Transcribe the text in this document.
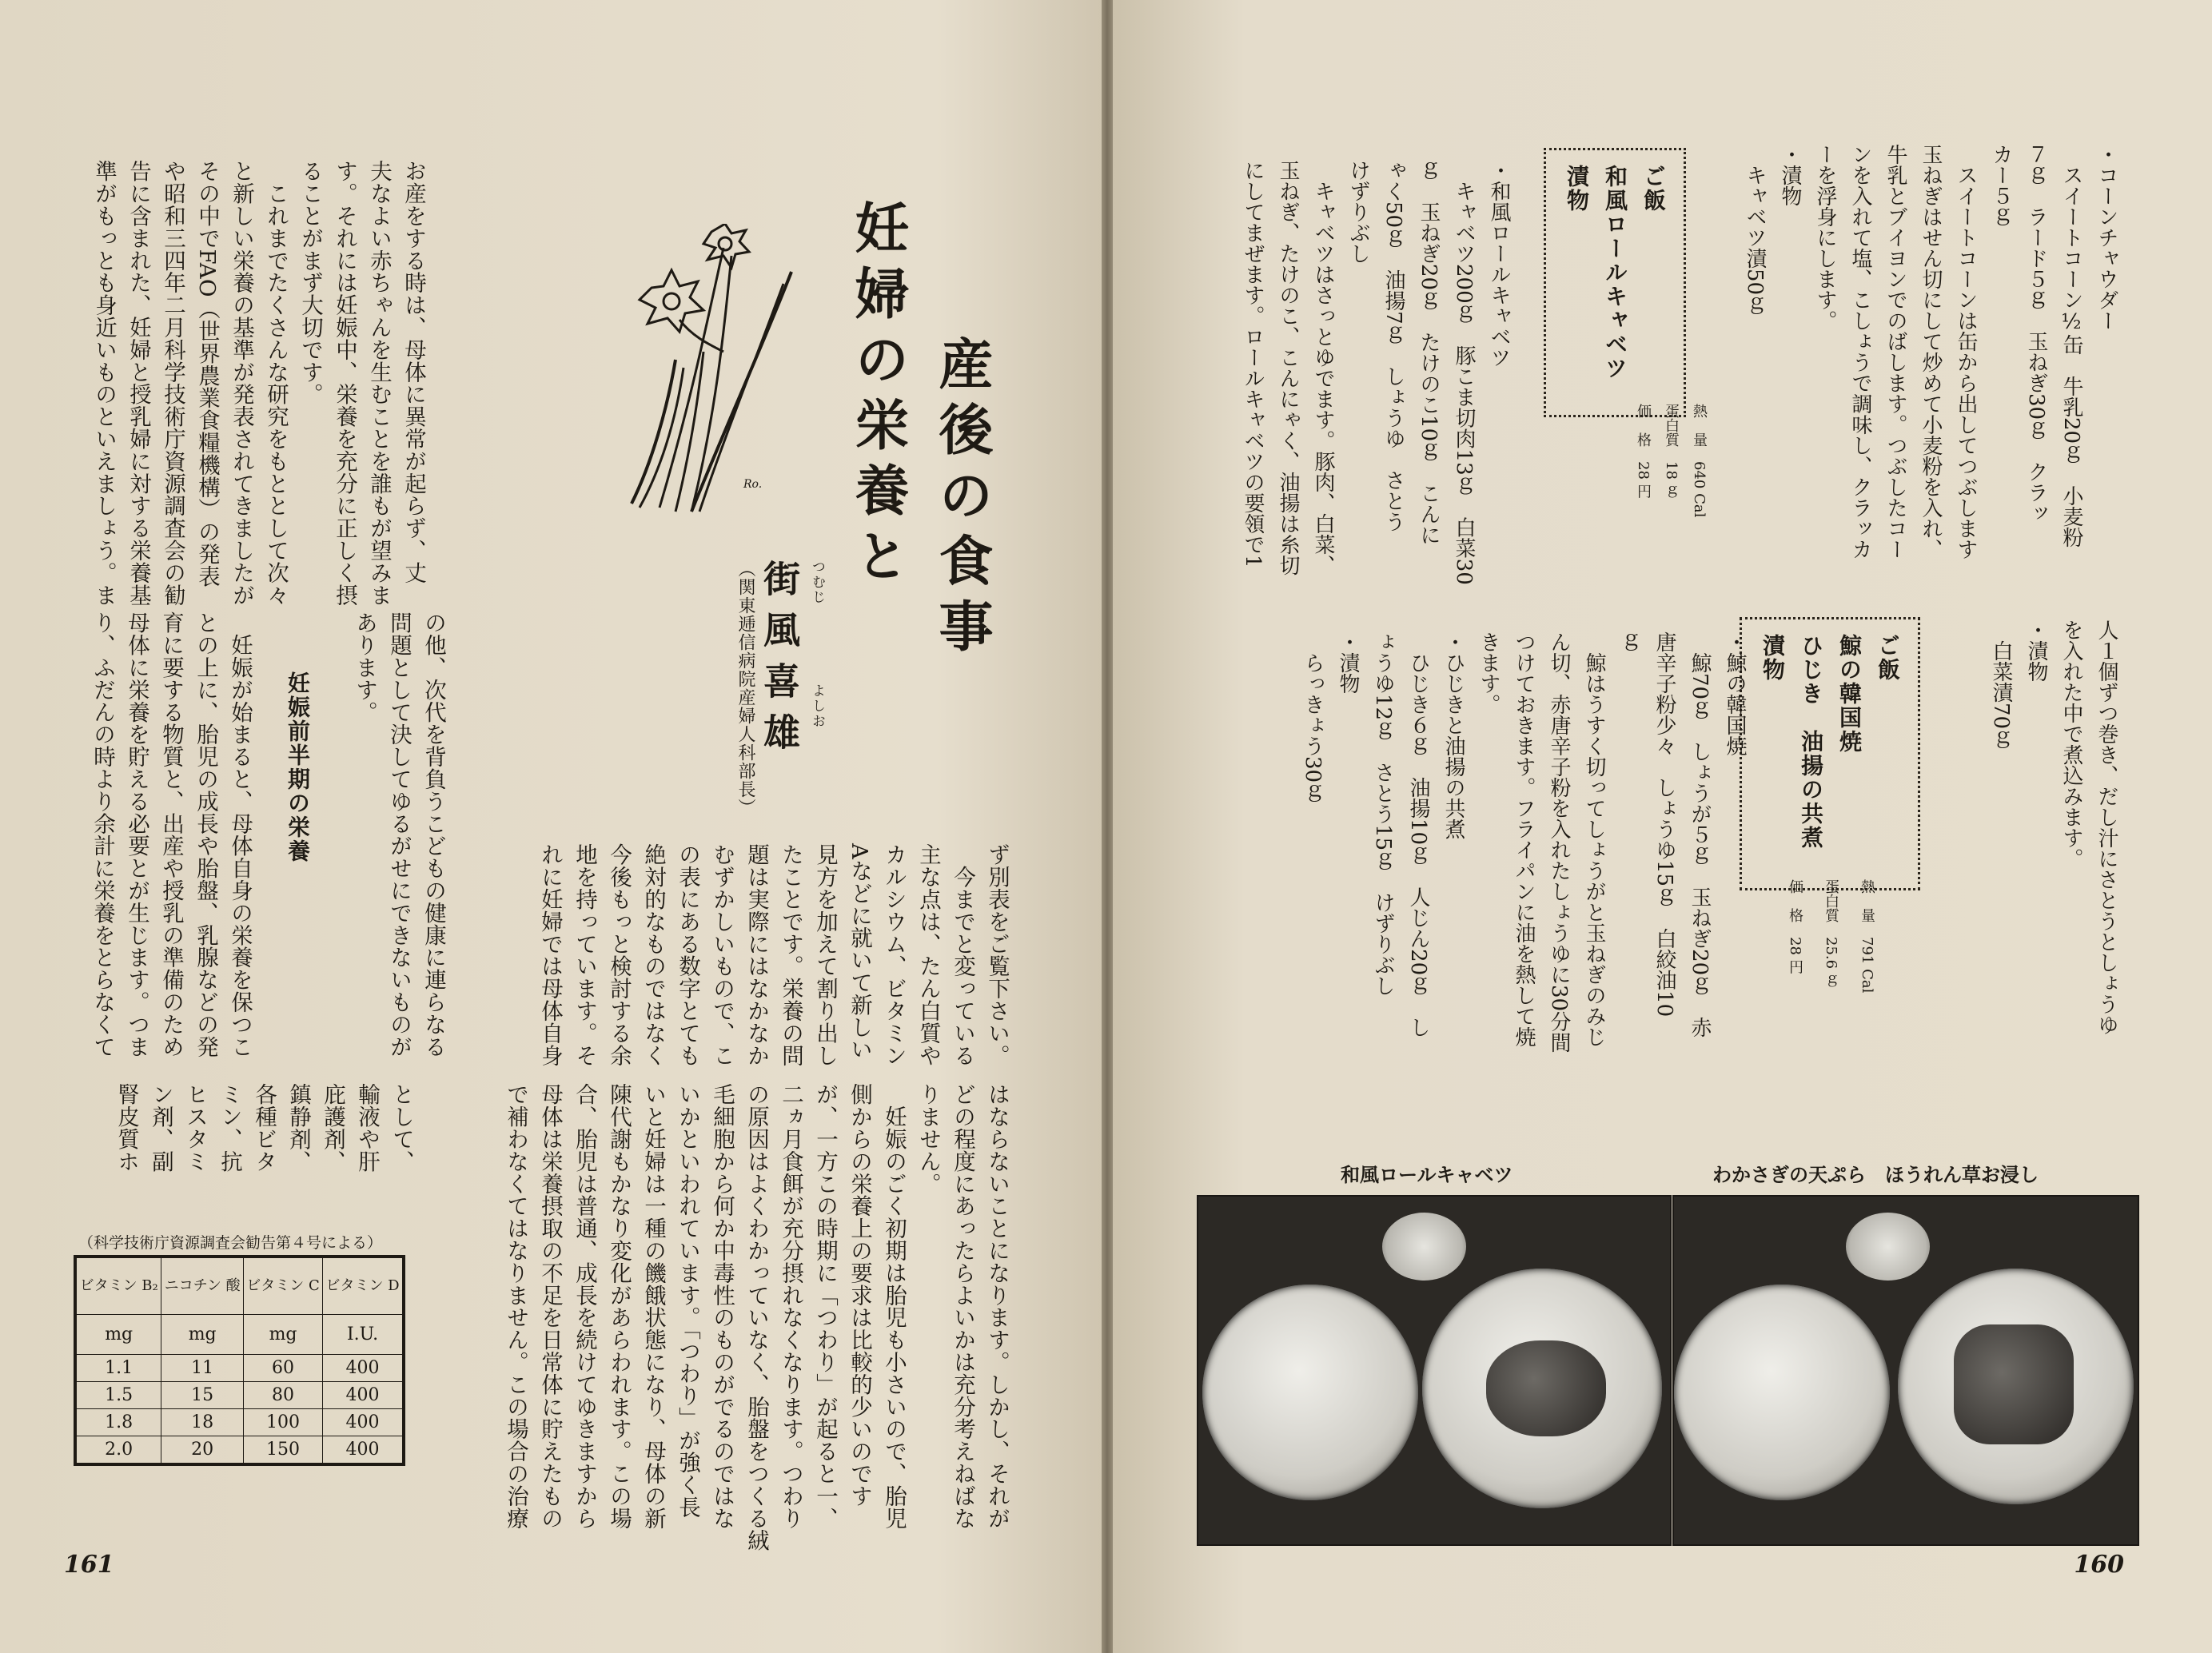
妊婦の栄養と 産後の食事
Ro.
街風喜雄 つむじ
よしお
（関東逓信病院産婦人科部長）
お産をする時は、母体に異常が起らず、丈
夫なよい赤ちゃんを生むことを誰もが望みま
す。それには妊娠中、栄養を充分に正しく摂
ることがまず大切です。
　これまでたくさんな研究をもととして次々
と新しい栄養の基準が発表されてきましたが
その中でFAO（世界農業食糧機構）の発表
や昭和三四年二月科学技術庁資源調査会の勧
告に含まれた、妊婦と授乳婦に対する栄養基
準がもっとも身近いものといえましょう。ま
の他、次代を背負うこどもの健康に連らなる
問題として決してゆるがせにできないものが
あります。
妊娠前半期の栄養
　妊娠が始まると、母体自身の栄養を保つこ
との上に、胎児の成長や胎盤、乳腺などの発
育に要する物質と、出産や授乳の準備のため
母体に栄養を貯える必要とが生じます。つま
り、ふだんの時より余計に栄養をとらなくて	ず別表をご覧下さい。
　今までと変っている
主な点は、たん白質や
カルシウム、ビタミン
Aなどに就いて新しい
見方を加えて割り出し
たことです。栄養の問
題は実際にはなかなか
むずかしいもので、こ
の表にある数字とても
絶対的なものではなく
今後もっと検討する余
地を持っています。そ
れに妊婦では母体自身
はならないことになります。しかし、それが
どの程度にあったらよいかは充分考えねばな
りません。
　妊娠のごく初期は胎児も小さいので、胎児
側からの栄養上の要求は比較的少いのです
が、一方この時期に「つわり」が起ると一、
二ヵ月食餌が充分摂れなくなります。つわり
の原因はよくわかっていなく、胎盤をつくる絨
毛細胞から何か中毒性のものがでるのではな
いかといわれています。「つわり」が強く長
いと妊婦は一種の饑餓状態になり、母体の新
陳代謝もかなり変化があらわれます。この場
合、胎児は普通、成長を続けてゆきますから
母体は栄養摂取の不足を日常体に貯えたもの
で補わなくてはなりません。この場合の治療
として、
輸液や肝
庇護剤、
鎮静剤、
各種ビタ
ミン、抗
ヒスタミ
ン剤、副
腎皮質ホ
（科学技術庁資源調査会勧告第４号による）
ビタミン B₂	ニコチン 酸	ビタミン C	ビタミン D
mg	mg	mg	I.U.
1.1	11	60	400
1.5	15	80	400
1.8	18	100	400
2.0	20	150	400
161
・コーンチャウダー
　スイートコーン½缶　牛乳20ｇ　小麦粉
７ｇ　ラード５ｇ　玉ねぎ30ｇ　クラッ
カー５ｇ
　スイートコーンは缶から出してつぶします
玉ねぎはせん切にして炒めて小麦粉を入れ、
牛乳とブイヨンでのばします。つぶしたコー
ンを入れて塩、こしょうで調味し、クラッカ
ーを浮身にします。
・漬物
　キャベツ漬50ｇ
ご飯
和風ロールキャベツ
漬物
熱　量　640 Cal
蛋白質　18 ｇ
価　格　28 円
・和風ロールキャベツ
　キャベツ200ｇ　豚こま切肉13ｇ　白菜30
ｇ　玉ねぎ20ｇ　たけのこ10ｇ　こんに
ゃく50ｇ　油揚7ｇ　しょうゆ　さとう
けずりぶし
　キャベツはさっとゆでます。豚肉、白菜、
玉ねぎ、たけのこ、こんにゃく、油揚は糸切
にしてまぜます。ロールキャベツの要領で1
人１個ずつ巻き、だし汁にさとうとしょうゆ
を入れた中で煮込みます。
・漬物
　白菜漬70ｇ
ご飯
鯨の韓国焼
ひじき　油揚の共煮
漬物
熱　量　791 Cal
蛋白質　25.6 ｇ
価　格　28 円
・鯨の韓国焼
　鯨70ｇ　しょうが５ｇ　玉ねぎ20ｇ　赤
唐辛子粉少々　しょうゆ15ｇ　白絞油10
ｇ
　鯨はうすく切ってしょうがと玉ねぎのみじ
ん切、赤唐辛子粉を入れたしょうゆに30分間
つけておきます。フライパンに油を熱して焼
きます。
・ひじきと油揚の共煮
　ひじき６ｇ　油揚10ｇ　人じん20ｇ　し
ょうゆ12ｇ　さとう15ｇ　けずりぶし
・漬物
　らっきょう30ｇ
和風ロールキャベツ	わかさぎの天ぷら　ほうれん草お浸し
160
